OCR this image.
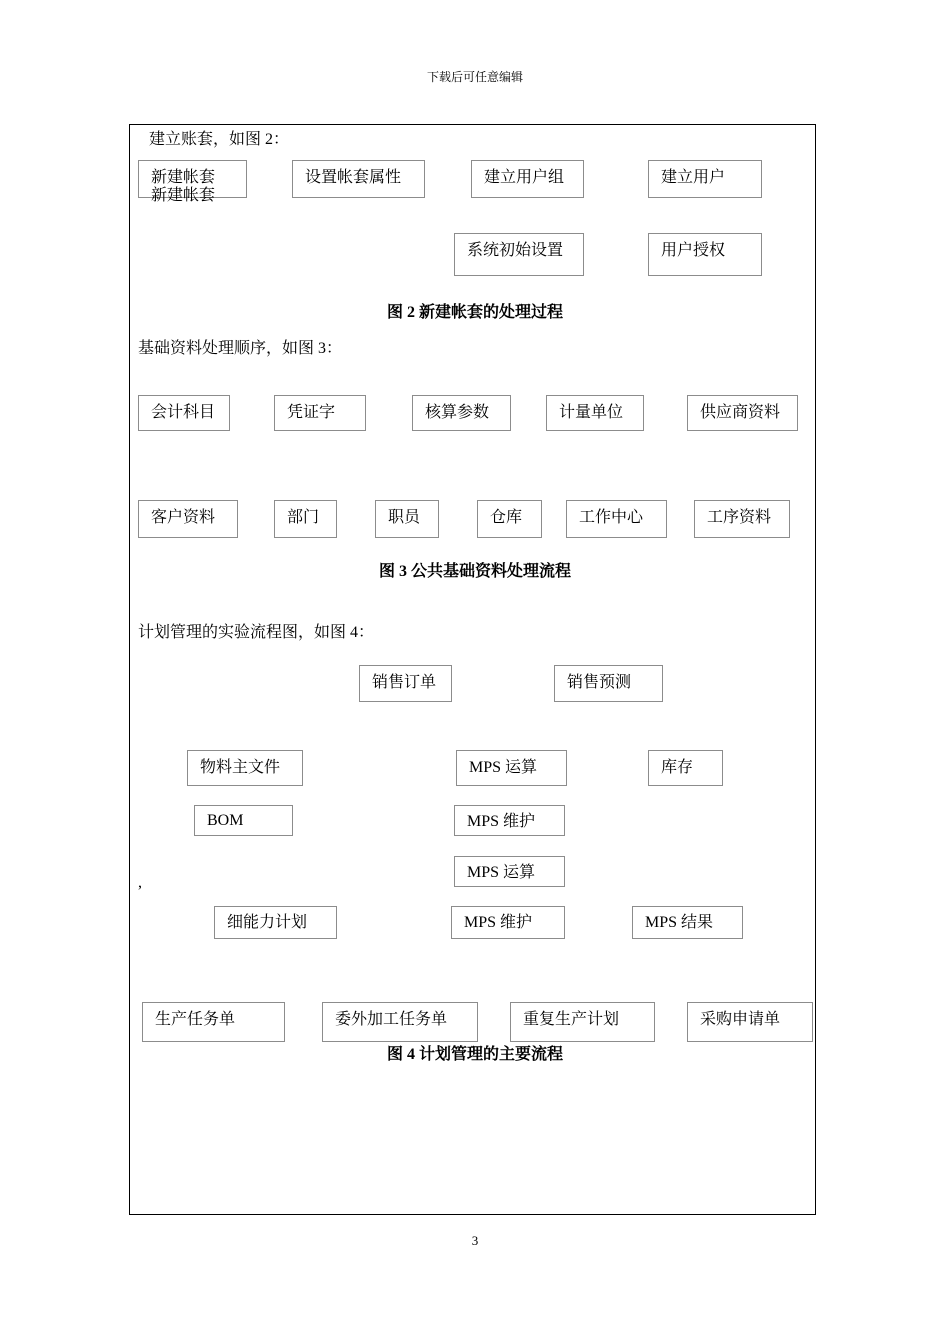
下载后可任意编辑
建立账套，如图 2：
新建帐套
新建帐套
设置帐套属性	建立用户组	建立用户
系统初始设置	用户授权
图 2 新建帐套的处理过程
基础资料处理顺序，如图 3：
会计科目	凭证字	核算参数	计量单位	供应商资料
客户资料	部门	职员	仓库	工作中心	工序资料
图 3 公共基础资料处理流程
计划管理的实验流程图，如图 4：
销售订单	销售预测
物料主文件	MPS 运算	库存
BOM	MPS 维护
MPS 运算
,
细能力计划	MPS 维护	MPS 结果
生产任务单	委外加工任务单	重复生产计划	采购申请单
图 4 计划管理的主要流程
3
